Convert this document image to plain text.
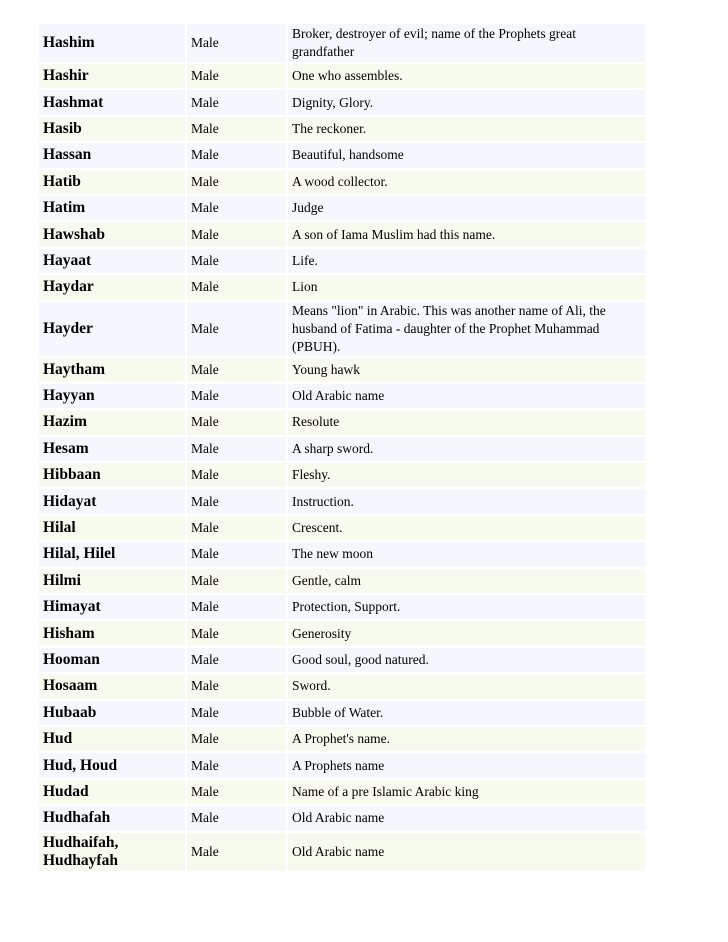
Hashim	Male	Broker, destroyer of evil; name of the Prophets great grandfather
Hashir	Male	One who assembles.
Hashmat	Male	Dignity, Glory.
Hasib	Male	The reckoner.
Hassan	Male	Beautiful, handsome
Hatib	Male	A wood collector.
Hatim	Male	Judge
Hawshab	Male	A son of Iama Muslim had this name.
Hayaat	Male	Life.
Haydar	Male	Lion
Hayder	Male	Means "lion" in Arabic. This was another name of Ali, the husband of Fatima - daughter of the Prophet Muhammad (PBUH).
Haytham	Male	Young hawk
Hayyan	Male	Old Arabic name
Hazim	Male	Resolute
Hesam	Male	A sharp sword.
Hibbaan	Male	Fleshy.
Hidayat	Male	Instruction.
Hilal	Male	Crescent.
Hilal, Hilel	Male	The new moon
Hilmi	Male	Gentle, calm
Himayat	Male	Protection, Support.
Hisham	Male	Generosity
Hooman	Male	Good soul, good natured.
Hosaam	Male	Sword.
Hubaab	Male	Bubble of Water.
Hud	Male	A Prophet's name.
Hud, Houd	Male	A Prophets name
Hudad	Male	Name of a pre Islamic Arabic king
Hudhafah	Male	Old Arabic name
Hudhaifah, Hudhayfah	Male	Old Arabic name
